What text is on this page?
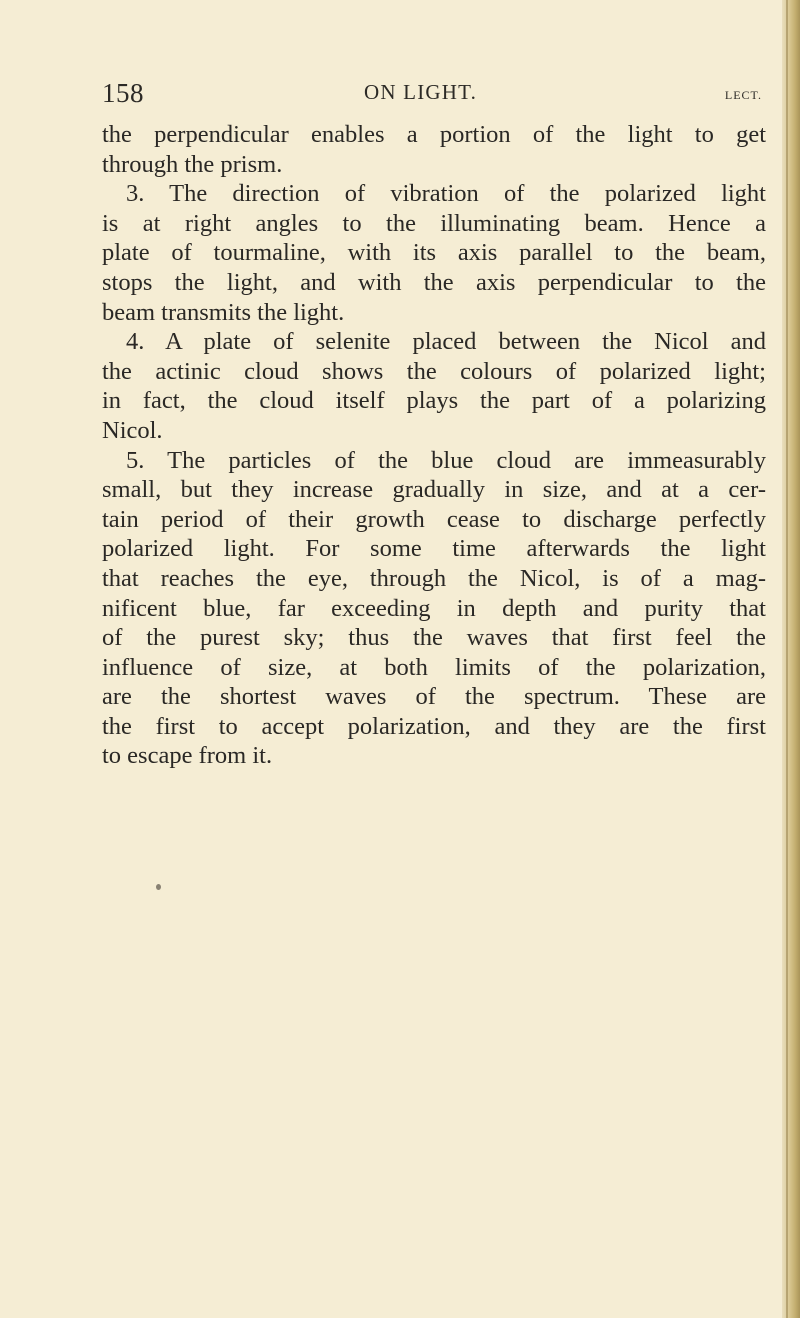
158	ON LIGHT.	LECT.
the perpendicular enables a portion of the light to get
through the prism.
3. The direction of vibration of the polarized light
is at right angles to the illuminating beam. Hence a
plate of tourmaline, with its axis parallel to the beam,
stops the light, and with the axis perpendicular to the
beam transmits the light.
4. A plate of selenite placed between the Nicol and
the actinic cloud shows the colours of polarized light;
in fact, the cloud itself plays the part of a polarizing
Nicol.
5. The particles of the blue cloud are immeasurably
small, but they increase gradually in size, and at a cer-
tain period of their growth cease to discharge perfectly
polarized light. For some time afterwards the light
that reaches the eye, through the Nicol, is of a mag-
nificent blue, far exceeding in depth and purity that
of the purest sky; thus the waves that first feel the
influence of size, at both limits of the polarization,
are the shortest waves of the spectrum. These are
the first to accept polarization, and they are the first
to escape from it.
